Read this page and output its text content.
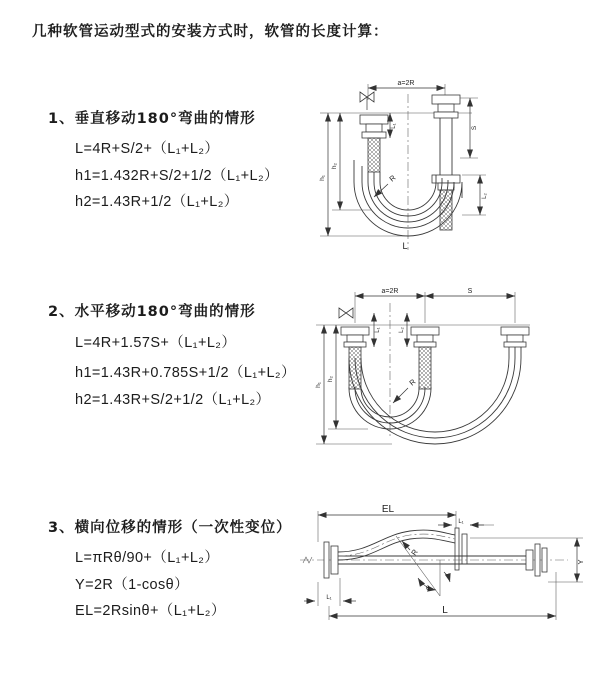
几种软管运动型式的安装方式时，软管的长度计算：
1、垂直移动180°弯曲的情形
L=4R+S/2+（L₁+L₂）
h1=1.432R+S/2+1/2（L₁+L₂）
h2=1.43R+1/2（L₁+L₂）
2、水平移动180°弯曲的情形
L=4R+1.57S+（L₁+L₂）
h1=1.43R+0.785S+1/2（L₁+L₂）
h2=1.43R+S/2+1/2（L₁+L₂）
3、横向位移的情形（一次性变位）
L=πRθ/90+（L₁+L₂）
Y=2R（1-cosθ）
EL=2Rsinθ+（L₁+L₂）
a=2R
R
L
h₁
h₂
L₁	S
L₂
a=2R	S
R
h₁
h₂
L₁	L₂
EL
L₁
R
θ
Y
L₁
L
